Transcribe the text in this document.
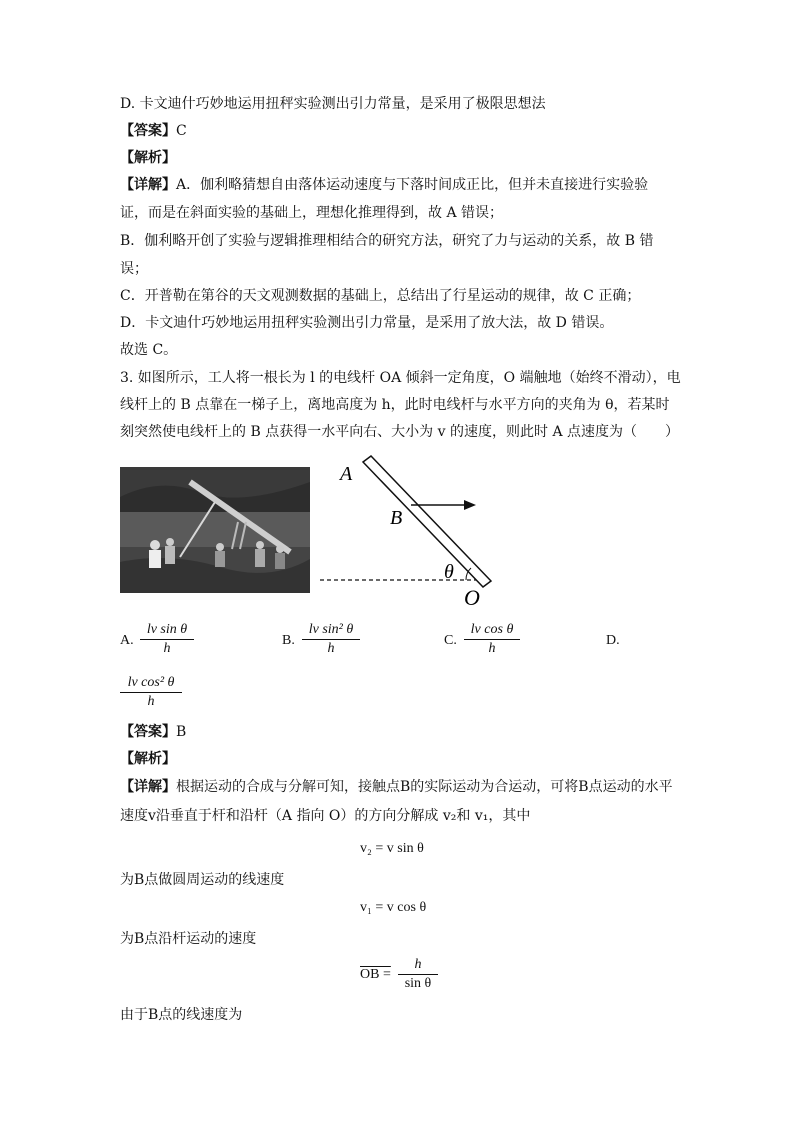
D. 卡文迪什巧妙地运用扭秤实验测出引力常量，是采用了极限思想法
【答案】C
【解析】
【详解】A．伽利略猜想自由落体运动速度与下落时间成正比，但并未直接进行实验验
证，而是在斜面实验的基础上，理想化推理得到，故 A 错误；
B．伽利略开创了实验与逻辑推理相结合的研究方法，研究了力与运动的关系，故 B 错
误；
C．开普勒在第谷的天文观测数据的基础上，总结出了行星运动的规律，故 C 正确；
D．卡文迪什巧妙地运用扭秤实验测出引力常量，是采用了放大法，故 D 错误。
故选 C。
3. 如图所示，工人将一根长为 l 的电线杆 OA 倾斜一定角度，O 端触地（始终不滑动），电
线杆上的 B 点靠在一梯子上，离地高度为 h，此时电线杆与水平方向的夹角为 θ，若某时
刻突然使电线杆上的 B 点获得一水平向右、大小为 v 的速度，则此时 A 点速度为（　　）
A
B
θ
O
A.
lv sin θ
h
B.
lv sin² θ
h
C.
lv cos θ
h
D.
lv cos² θ
h
【答案】B
【解析】
【详解】根据运动的合成与分解可知，接触点B的实际运动为合运动，可将B点运动的水平
速度v沿垂直于杆和沿杆（A 指向 O）的方向分解成 v₂和 v₁，其中
v₂ = v sin θ
为B点做圆周运动的线速度
v₁ = v cos θ
为B点沿杆运动的速度
OB =
h
sin θ
由于B点的线速度为
